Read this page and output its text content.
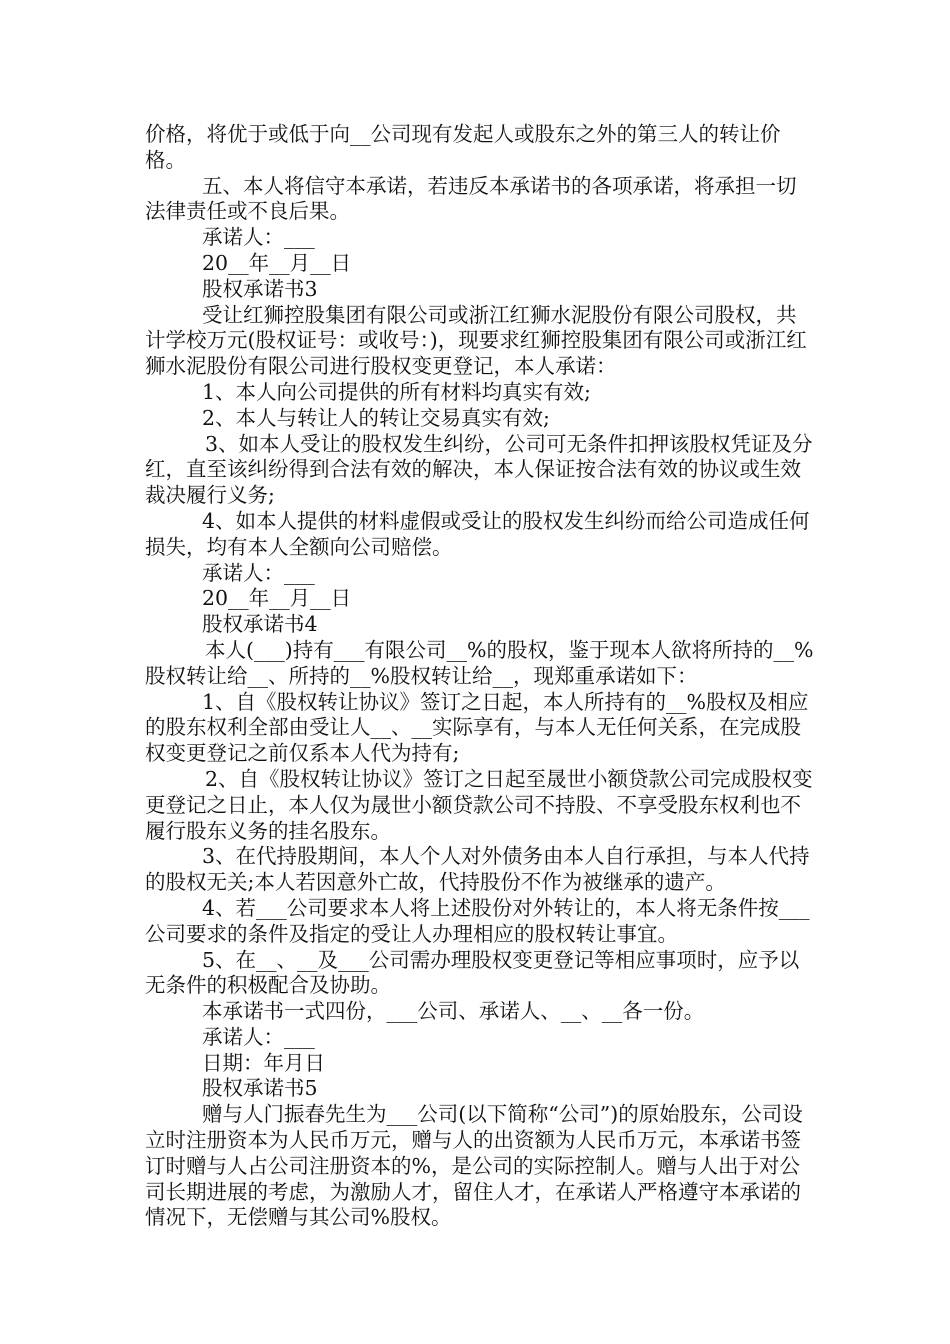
价格，将优于或低于向__公司现有发起人或股东之外的第三人的转让价格。

五、本人将信守本承诺，若违反本承诺书的各项承诺，将承担一切法律责任或不良后果。

承诺人：___

20__年__月__日

股权承诺书3

受让红狮控股集团有限公司或浙江红狮水泥股份有限公司股权，共计学校万元(股权证号：或收号：)，现要求红狮控股集团有限公司或浙江红狮水泥股份有限公司进行股权变更登记，本人承诺：

1、本人向公司提供的所有材料均真实有效;

2、本人与转让人的转让交易真实有效;

3、如本人受让的股权发生纠纷，公司可无条件扣押该股权凭证及分红，直至该纠纷得到合法有效的解决，本人保证按合法有效的协议或生效裁决履行义务;

4、如本人提供的材料虚假或受让的股权发生纠纷而给公司造成任何损失，均有本人全额向公司赔偿。

承诺人：___

20__年__月__日

股权承诺书4

本人(___)持有___有限公司__%的股权，鉴于现本人欲将所持的__%股权转让给__、所持的__%股权转让给__，现郑重承诺如下：

1、自《股权转让协议》签订之日起，本人所持有的__%股权及相应的股东权利全部由受让人__、__实际享有，与本人无任何关系，在完成股权变更登记之前仅系本人代为持有;

2、自《股权转让协议》签订之日起至晟世小额贷款公司完成股权变更登记之日止，本人仅为晟世小额贷款公司不持股、不享受股东权利也不履行股东义务的挂名股东。

3、在代持股期间，本人个人对外债务由本人自行承担，与本人代持的股权无关;本人若因意外亡故，代持股份不作为被继承的遗产。

4、若___公司要求本人将上述股份对外转让的，本人将无条件按___公司要求的条件及指定的受让人办理相应的股权转让事宜。

5、在__、__及___公司需办理股权变更登记等相应事项时，应予以无条件的积极配合及协助。

本承诺书一式四份，___公司、承诺人、__、__各一份。

承诺人：___

日期：年月日

股权承诺书5

赠与人门振春先生为___公司(以下简称“公司”)的原始股东，公司设立时注册资本为人民币万元，赠与人的出资额为人民币万元，本承诺书签订时赠与人占公司注册资本的%，是公司的实际控制人。赠与人出于对公司长期进展的考虑，为激励人才，留住人才，在承诺人严格遵守本承诺的情况下，无偿赠与其公司%股权。
